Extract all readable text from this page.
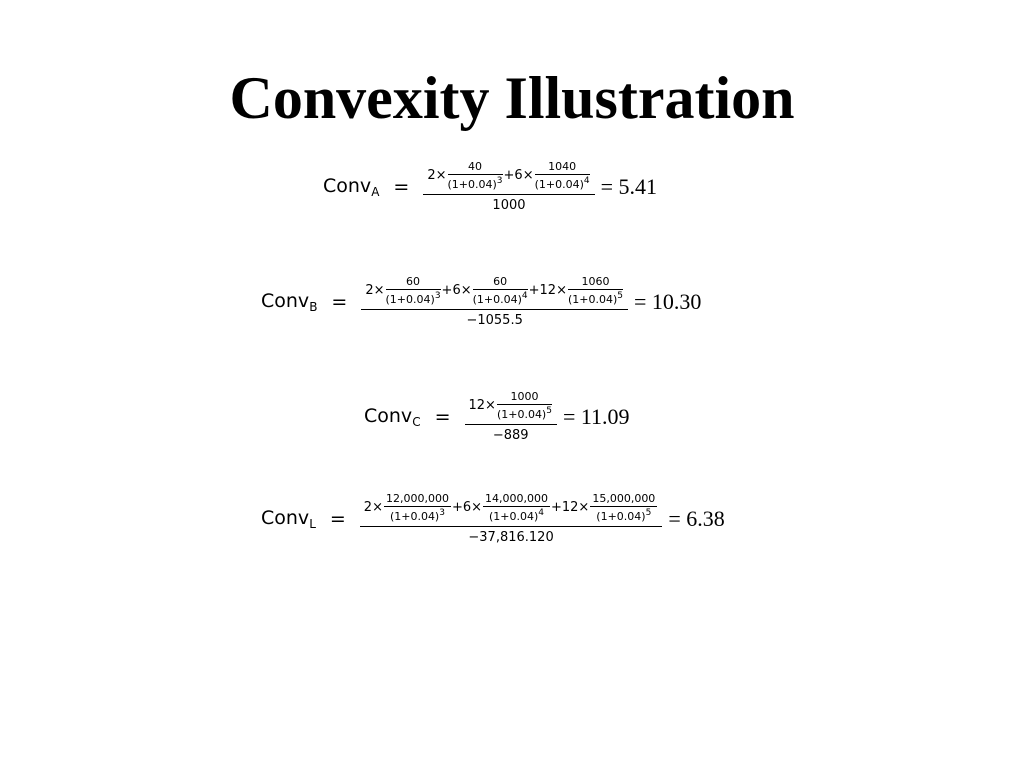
Convexity Illustration
Conv$_A$ = $2\times \frac{40}{(1+0.04)^3} +6\times \frac{1040}{(1+0.04)^4}$
1000
= 5.41
Conv$_B$ = $2\times \frac{60}{(1+0.04)^3} +6\times \frac{60}{(1+0.04)^4} +12\times \frac{1060}{(1+0.04)^5}$
−1055.5
= 10.30
Conv$_C$ = $\frac{12\times \frac{1000}{(1+0.04)^5}}{-889} = 11.09$
Conv$_L$ = $2\times \frac{12,000,000}{(1+0.04)^3} +6\times \frac{14,000,000}{(1+0.04)^4} +12\times \frac{15,000,000}{(1+0.04)^5}$
−37,816.120
= 6.38
